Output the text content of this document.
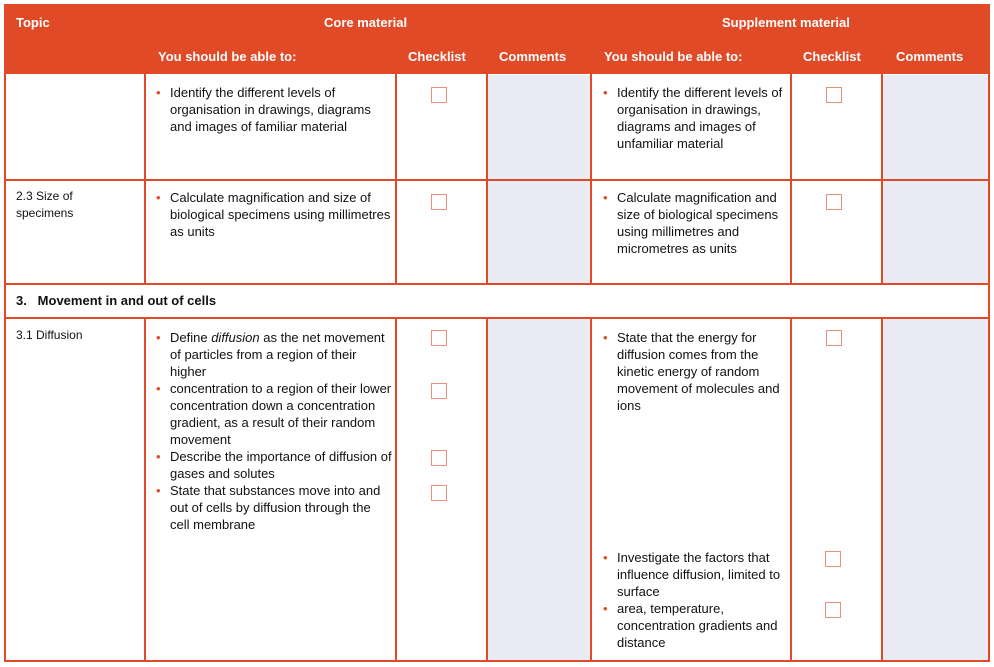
Topic	Core material	Supplement material
You should be able to:	Checklist	Comments	You should be able to:	Checklist	Comments
• Identify the different levels of organisation in drawings, diagrams and images of familiar material
• Identify the different levels of organisation in drawings, diagrams and images of unfamiliar material
2.3 Size of specimens
• Calculate magnification and size of biological specimens using millimetres as units
• Calculate magnification and size of biological specimens using millimetres and micrometres as units
3.   Movement in and out of cells
3.1 Diffusion
•	Define diffusion as the net movement of particles from a region of their higher
• concentration to a region of their lower concentration down a concentration gradient, as a result of their random movement
• Describe the importance of diffusion of gases and solutes
• State that substances move into and out of cells by diffusion through the cell membrane
• State that the energy for diffusion comes from the kinetic energy of random movement of molecules and ions
• Investigate the factors that influence diffusion, limited to surface
• area, temperature, concentration gradients and distance
